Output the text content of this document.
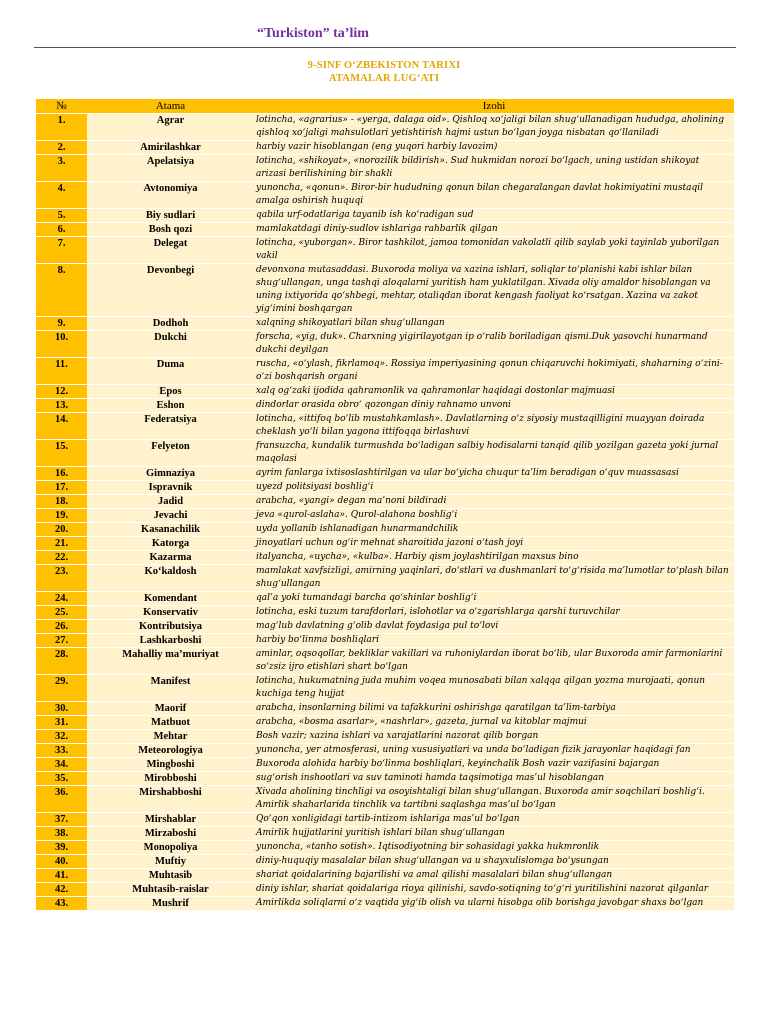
“Turkiston” ta’lim
9-SINF O‘ZBEKISTON TARIXI
ATAMALAR LUG‘ATI
№	Atama	Izohi
1.	Agrar	lotincha, «agrarius» - «yerga, dalaga oid». Qishloq xo‘jaligi bilan shug‘ullanadigan hududga, aholining qishloq xo‘jaligi mahsulotlari yetishtirish hajmi ustun bo‘lgan joyga nisbatan qo‘llaniladi
2.	Amirilashkar	harbiy vazir hisoblangan (eng yuqori harbiy lavozim)
3.	Apelatsiya	lotincha, «shikoyat», «norozilik bildirish». Sud hukmidan norozi bo‘lgach, uning ustidan shikoyat arizasi berilishining bir shakli
4.	Avtonomiya	yunoncha, «qonun». Biror-bir hududning qonun bilan chegaralangan davlat hokimiyatini mustaqil amalga oshirish huquqi
5.	Biy sudlari	qabila urf-odatlariga tayanib ish ko‘radigan sud
6.	Bosh qozi	mamlakatdagi diniy-sudlov ishlariga rahbarlik qilgan
7.	Delegat	lotincha, «yuborgan». Biror tashkilot, jamoa tomonidan vakolatli qilib saylab yoki tayinlab yuborilgan vakil
8.	Devonbegi	devonxona mutasaddasi. Buxoroda moliya va xazina ishlari, soliqlar to‘planishi kabi ishlar bilan shug‘ullangan, unga tashqi aloqalarni yuritish ham yuklatilgan. Xivada oliy amaldor hisoblangan va uning ixtiyorida qo‘shbegi, mehtar, otaliqdan iborat kengash faoliyat ko‘rsatgan. Xazina va zakot yig‘imini boshqargan
9.	Dodhoh	xalqning shikoyatlari bilan shug‘ullangan
10.	Dukchi	forscha, «yig, duk». Charxning yigirilayotgan ip o‘ralib boriladigan qismi.Duk yasovchi hunarmand dukchi deyilgan
11.	Duma	ruscha, «o‘ylash, fikrlamoq». Rossiya imperiyasining qonun chiqaruvchi hokimiyati, shaharning o‘zini-o‘zi boshqarish organi
12.	Epos	xalq og‘zaki ijodida qahramonlik va qahramonlar haqidagi dostonlar majmuasi
13.	Eshon	dindorlar orasida obro‘ qozongan diniy rahnamo unvoni
14.	Federatsiya	lotincha, «ittifoq bo‘lib mustahkamlash». Davlatlarning o‘z siyosiy mustaqilligini muayyan doirada cheklash yo‘li bilan yagona ittifoqqa birlashuvi
15.	Felyeton	fransuzcha, kundalik turmushda bo‘ladigan salbiy hodisalarni tanqid qilib yozilgan gazeta yoki jurnal maqolasi
16.	Gimnaziya	ayrim fanlarga ixtisoslashtirilgan va ular bo‘yicha chuqur ta’lim beradigan o‘quv muassasasi
17.	Ispravnik	uyezd politsiyasi boshlig‘i
18.	Jadid	arabcha, «yangi» degan ma’noni bildiradi
19.	Jevachi	jeva «qurol-aslaha». Qurol-alahona boshlig‘i
20.	Kasanachilik	uyda yollanib ishlanadigan hunarmandchilik
21.	Katorga	jinoyatlari uchun og‘ir mehnat sharoitida jazoni o‘tash joyi
22.	Kazarma	italyancha, «uycha», «kulba». Harbiy qism joylashtirilgan maxsus bino
23.	Ko‘kaldosh	mamlakat xavfsizligi, amirning yaqinlari, do‘stlari va dushmanlari to‘g‘risida ma’lumotlar to‘plash bilan shug‘ullangan
24.	Komendant	qal’a yoki tumandagi barcha qo‘shinlar boshlig‘i
25.	Konservativ	lotincha, eski tuzum tarafdorlari, islohotlar va o‘zgarishlarga qarshi turuvchilar
26.	Kontributsiya	mag‘lub davlatning g‘olib davlat foydasiga pul to‘lovi
27.	Lashkarboshi	harbiy bo‘linma boshliqlari
28.	Mahalliy ma’muriyat	aminlar, oqsoqollar, bekliklar vakillari va ruhoniylardan iborat bo‘lib, ular Buxoroda amir farmonlarini so‘zsiz ijro etishlari shart bo‘lgan
29.	Manifest	lotincha, hukumatning juda muhim voqea munosabati bilan xalqqa qilgan yozma murojaati, qonun kuchiga teng hujjat
30.	Maorif	arabcha, insonlarning bilimi va tafakkurini oshirishga qaratilgan ta’lim-tarbiya
31.	Matbuot	arabcha, «bosma asarlar», «nashrlar», gazeta, jurnal va kitoblar majmui
32.	Mehtar	Bosh vazir; xazina ishlari va xarajatlarini nazorat qilib borgan
33.	Meteorologiya	yunoncha, yer atmosferasi, uning xususiyatlari va unda bo‘ladigan fizik jarayonlar haqidagi fan
34.	Mingboshi	Buxoroda alohida harbiy bo‘linma boshliqlari, keyinchalik Bosh vazir vazifasini bajargan
35.	Mirobboshi	sug‘orish inshootlari va suv taminoti hamda taqsimotiga mas’ul hisoblangan
36.	Mirshabboshi	Xivada aholining tinchligi va osoyishtaligi bilan shug‘ullangan. Buxoroda amir soqchilari boshlig‘i. Amirlik shaharlarida tinchlik va tartibni saqlashga mas’ul bo‘lgan
37.	Mirshablar	Qo‘qon xonligidagi tartib-intizom ishlariga mas’ul bo‘lgan
38.	Mirzaboshi	Amirlik hujjatlarini yuritish ishlari bilan shug‘ullangan
39.	Monopoliya	yunoncha, «tanho sotish». Iqtisodiyotning bir sohasidagi yakka hukmronlik
40.	Muftiy	diniy-huquqiy masalalar bilan shug‘ullangan va u shayxulislomga bo‘ysungan
41.	Muhtasib	shariat qoidalarining bajarilishi va amal qilishi masalalari bilan shug‘ullangan
42.	Muhtasib-raislar	diniy ishlar, shariat qoidalariga rioya qilinishi, savdo-sotiqning to‘g‘ri yuritilishini nazorat qilganlar
43.	Mushrif	Amirlikda soliqlarni o‘z vaqtida yig‘ib olish va ularni hisobga olib borishga javobgar shaxs bo‘lgan
